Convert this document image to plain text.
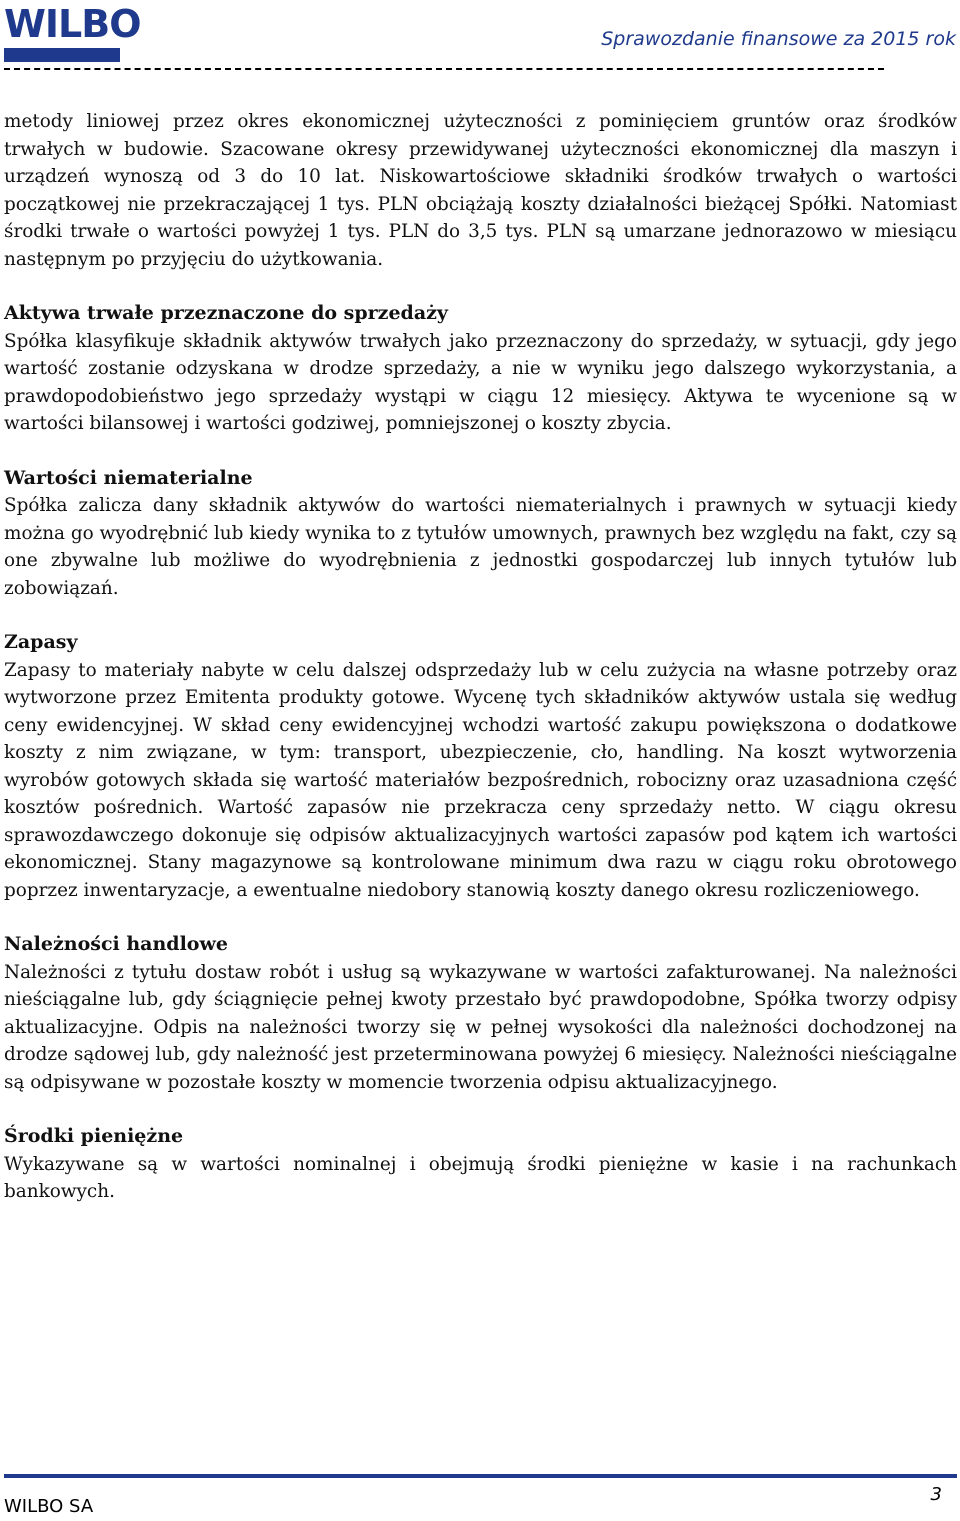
WILBO	Sprawozdanie finansowe za 2015 rok

metody liniowej przez okres ekonomicznej użyteczności z pominięciem gruntów oraz środków trwałych w budowie. Szacowane okresy przewidywanej użyteczności ekonomicznej dla maszyn i urządzeń wynoszą od 3 do 10 lat. Niskowartościowe składniki środków trwałych o wartości początkowej nie przekraczającej 1 tys. PLN obciążają koszty działalności bieżącej Spółki. Natomiast środki trwałe o wartości powyżej 1 tys. PLN do 3,5 tys. PLN są umarzane jednorazowo w miesiącu następnym po przyjęciu do użytkowania.

Aktywa trwałe przeznaczone do sprzedaży

Spółka klasyfikuje składnik aktywów trwałych jako przeznaczony do sprzedaży, w sytuacji, gdy jego wartość zostanie odzyskana w drodze sprzedaży, a nie w wyniku jego dalszego wykorzystania, a prawdopodobieństwo jego sprzedaży wystąpi w ciągu 12 miesięcy. Aktywa te wycenione są w wartości bilansowej i wartości godziwej, pomniejszonej o koszty zbycia.

Wartości niematerialne

Spółka zalicza dany składnik aktywów do wartości niematerialnych i prawnych w sytuacji kiedy można go wyodrębnić lub kiedy wynika to z tytułów umownych, prawnych bez względu na fakt, czy są one zbywalne lub możliwe do wyodrębnienia z jednostki gospodarczej lub innych tytułów lub zobowiązań.

Zapasy

Zapasy to materiały nabyte w celu dalszej odsprzedaży lub w celu zużycia na własne potrzeby oraz wytworzone przez Emitenta produkty gotowe. Wycenę tych składników aktywów ustala się według ceny ewidencyjnej. W skład ceny ewidencyjnej wchodzi wartość zakupu powiększona o dodatkowe koszty z nim związane, w tym: transport, ubezpieczenie, cło, handling. Na koszt wytworzenia wyrobów gotowych składa się wartość materiałów bezpośrednich, robocizny oraz uzasadniona część kosztów pośrednich. Wartość zapasów nie przekracza ceny sprzedaży netto. W ciągu okresu sprawozdawczego dokonuje się odpisów aktualizacyjnych wartości zapasów pod kątem ich wartości ekonomicznej. Stany magazynowe są kontrolowane minimum dwa razu w ciągu roku obrotowego poprzez inwentaryzacje, a ewentualne niedobory stanowią koszty danego okresu rozliczeniowego.

Należności handlowe

Należności z tytułu dostaw robót i usług są wykazywane w wartości zafakturowanej. Na należności nieściągalne lub, gdy ściągnięcie pełnej kwoty przestało być prawdopodobne, Spółka tworzy odpisy aktualizacyjne. Odpis na należności tworzy się w pełnej wysokości dla należności dochodzonej na drodze sądowej lub, gdy należność jest przeterminowana powyżej 6 miesięcy. Należności nieściągalne są odpisywane w pozostałe koszty w momencie tworzenia odpisu aktualizacyjnego.

Środki pieniężne

Wykazywane są w wartości nominalnej i obejmują środki pieniężne w kasie i na rachunkach bankowych.

WILBO SA
3
